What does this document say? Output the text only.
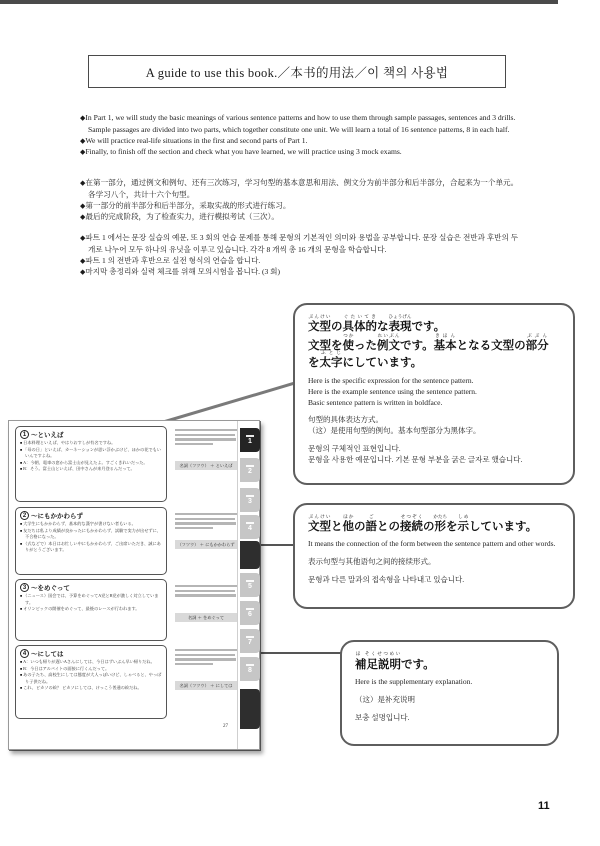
A guide to use this book.／本书的用法／이 책의 사용법

◆ In Part 1, we will study the basic meanings of various sentence patterns and how to use them through sample passages, sentences and 3 drills. Sample passages are divided into two parts, which together constitute one unit. We will learn a total of 16 sentence patterns, 8 in each half.

◆ We will practice real-life situations in the first and second parts of Part 1.

◆ Finally, to finish off the section and check what you have learned, we will practice using 3 mock exams.

◆ 在第一部分，通过例文和例句、还有三次练习，学习句型的基本意思和用法、例文分为前半部分和后半部分，合起来为一个单元。各学习八个，共计十六个句型。

◆ 第一部分的前半部分和后半部分，采取实战的形式进行练习。

◆ 最后的完成阶段，为了检查实力，进行模拟考试（三次）。

◆ 파트 1 에서는 문장 실습의 예문, 또 3 회의 연습 문제를 통해 문형의 기본적인 의미와 용법을 공부합니다. 문장 실습은 전반과 후반의 두 개로 나누어 모두 하나의 유닛을 이루고 있습니다. 각각 8 개씩 총 16 개의 문형을 학습합니다.

◆ 파트 1 의 전반과 후반으로 실전 형식의 연습을 합니다.

◆ 마지막 총정리와 실력 체크를 위해 모의시험을 봅니다. (3 회)

1 ～といえば

■ 日本料理といえば、やはりおすしが有名ですね。

■ 「母の日」といえば、カーネーションが思い浮かぶけど、ほかの花でもいいんですよね。

■ A：今朝、電車の窓から富士山が見えたよ。すごくきれいだった。

■ B：そう。富士山といえば、田中さんが来月登るんだって。

2 ～にもかかわらず

■ 大学生にもかかわらず、基本的な漢字が書けない者もいる。

■ 友だちは私より成績が良かったにもかかわらず、試験で実力が出せずに、不合格になった。

■ （式などで）本日はお忙しい中にもかかわらず、ご出席いただき、誠にありがとうございます。

3 ～をめぐって

■ （ニュース）国会では、予算をめぐってA党とB党が激しく対立しています。

■ オリンピックの開催をめぐって、最後のレースが行われます。

4 ～にしては

■ A：いつも帰りが遅いAさんにしては、今日はずいぶん早い帰りだね。

■ B：今日はアルバイトの面接に行くんだって。

■ あの子たち、高校生にしては態度が大人っぽいけど、しゃべると、やっぱり子供だね。

■ これ、ピカソの絵？ ピカソにしては、けっこう普通の絵だね。

名詞（フツウ） ＋ といえば
（フツウ） ＋ にもかかわらず
名詞 ＋ をめぐって
名詞（フツウ） ＋ にしては
1
2
3
4
5
6
7
8
27
文型ぶんけいの具体的ぐたいてきな表現ひょうげんです。
文型を使つかった例文れいぶんです。基本きほんとなる文型の部分ぶぶんを太字ふとじにしています。

Here is the specific expression for the sentence pattern.

Here is the example sentence using the sentence pattern.

Basic sentence pattern is written in boldface.

句型的具体表达方式。

（这）是使用句型的例句。基本句型部分为黑体字。

문형의 구체적인 표현입니다.

문형을 사용한 예문입니다. 기본 문형 부분을 굵은 글자로 했습니다.

文型ぶんけいと他ほかの語ごとの接続せつぞくの形かたちを示しめしています。

It means the connection of the form between the sentence pattern and other words.

表示句型与其他语句之间的接续形式。

문형과 다른 말과의 접속형을 나타내고 있습니다.

補足説明ほ そくせつめいです。

Here is the supplementary explanation.

（这）是补充说明

보충 설명입니다.

11
